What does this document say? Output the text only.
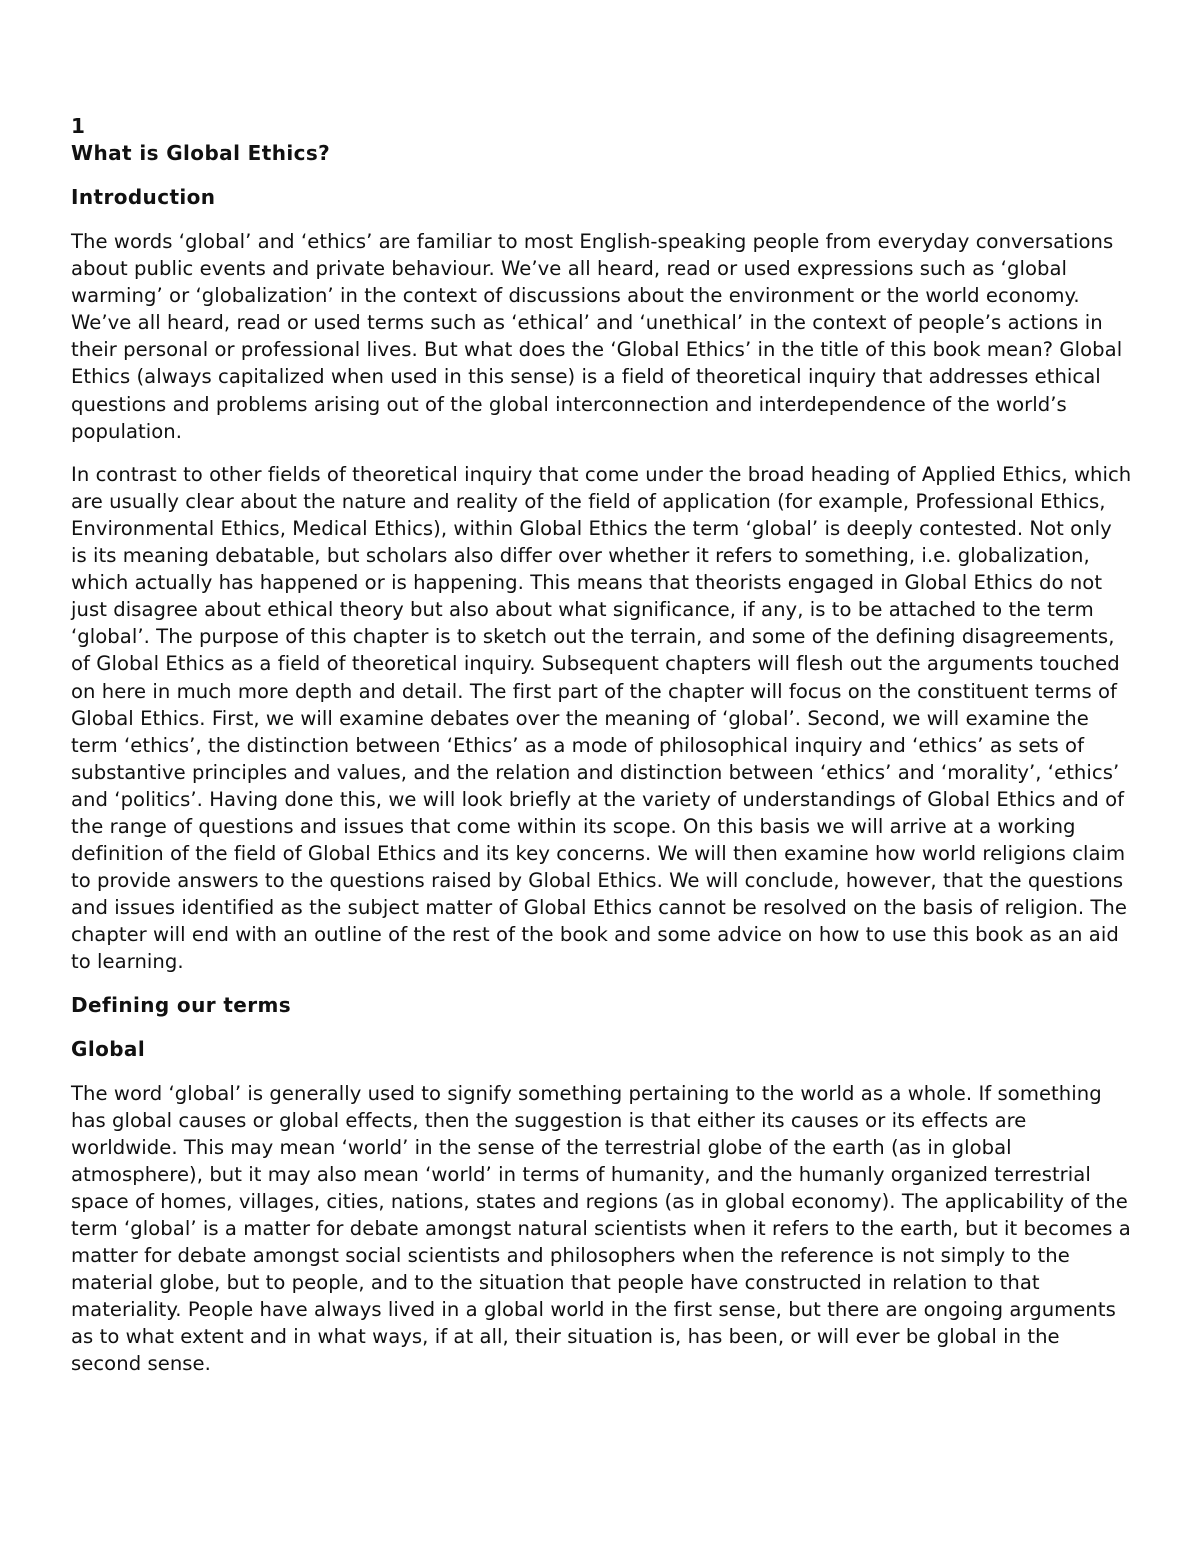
1
What is Global Ethics?
Introduction

The words ‘global’ and ‘ethics’ are familiar to most English-speaking people from everyday conversations about public events and private behaviour. We’ve all heard, read or used expressions such as ‘global warming’ or ‘globalization’ in the context of discussions about the environment or the world economy. We’ve all heard, read or used terms such as ‘ethical’ and ‘unethical’ in the context of people’s actions in their personal or professional lives. But what does the ‘Global Ethics’ in the title of this book mean? Global Ethics (always capitalized when used in this sense) is a field of theoretical inquiry that addresses ethical questions and problems arising out of the global interconnection and interdependence of the world’s population.

In contrast to other fields of theoretical inquiry that come under the broad heading of Applied Ethics, which are usually clear about the nature and reality of the field of application (for example, Professional Ethics, Environmental Ethics, Medical Ethics), within Global Ethics the term ‘global’ is deeply contested. Not only is its meaning debatable, but scholars also differ over whether it refers to something, i.e. globalization, which actually has happened or is happening. This means that theorists engaged in Global Ethics do not just disagree about ethical theory but also about what significance, if any, is to be attached to the term ‘global’. The purpose of this chapter is to sketch out the terrain, and some of the defining disagreements, of Global Ethics as a field of theoretical inquiry. Subsequent chapters will flesh out the arguments touched on here in much more depth and detail. The first part of the chapter will focus on the constituent terms of Global Ethics. First, we will examine debates over the meaning of ‘global’. Second, we will examine the term ‘ethics’, the distinction between ‘Ethics’ as a mode of philosophical inquiry and ‘ethics’ as sets of substantive principles and values, and the relation and distinction between ‘ethics’ and ‘morality’, ‘ethics’ and ‘politics’. Having done this, we will look briefly at the variety of understandings of Global Ethics and of the range of questions and issues that come within its scope. On this basis we will arrive at a working definition of the field of Global Ethics and its key concerns. We will then examine how world religions claim to provide answers to the questions raised by Global Ethics. We will conclude, however, that the questions and issues identified as the subject matter of Global Ethics cannot be resolved on the basis of religion. The chapter will end with an outline of the rest of the book and some advice on how to use this book as an aid to learning.

Defining our terms
Global

The word ‘global’ is generally used to signify something pertaining to the world as a whole. If something has global causes or global effects, then the suggestion is that either its causes or its effects are worldwide. This may mean ‘world’ in the sense of the terrestrial globe of the earth (as in global atmosphere), but it may also mean ‘world’ in terms of humanity, and the humanly organized terrestrial space of homes, villages, cities, nations, states and regions (as in global economy). The applicability of the term ‘global’ is a matter for debate amongst natural scientists when it refers to the earth, but it becomes a matter for debate amongst social scientists and philosophers when the reference is not simply to the material globe, but to people, and to the situation that people have constructed in relation to that materiality. People have always lived in a global world in the first sense, but there are ongoing arguments as to what extent and in what ways, if at all, their situation is, has been, or will ever be global in the second sense.
